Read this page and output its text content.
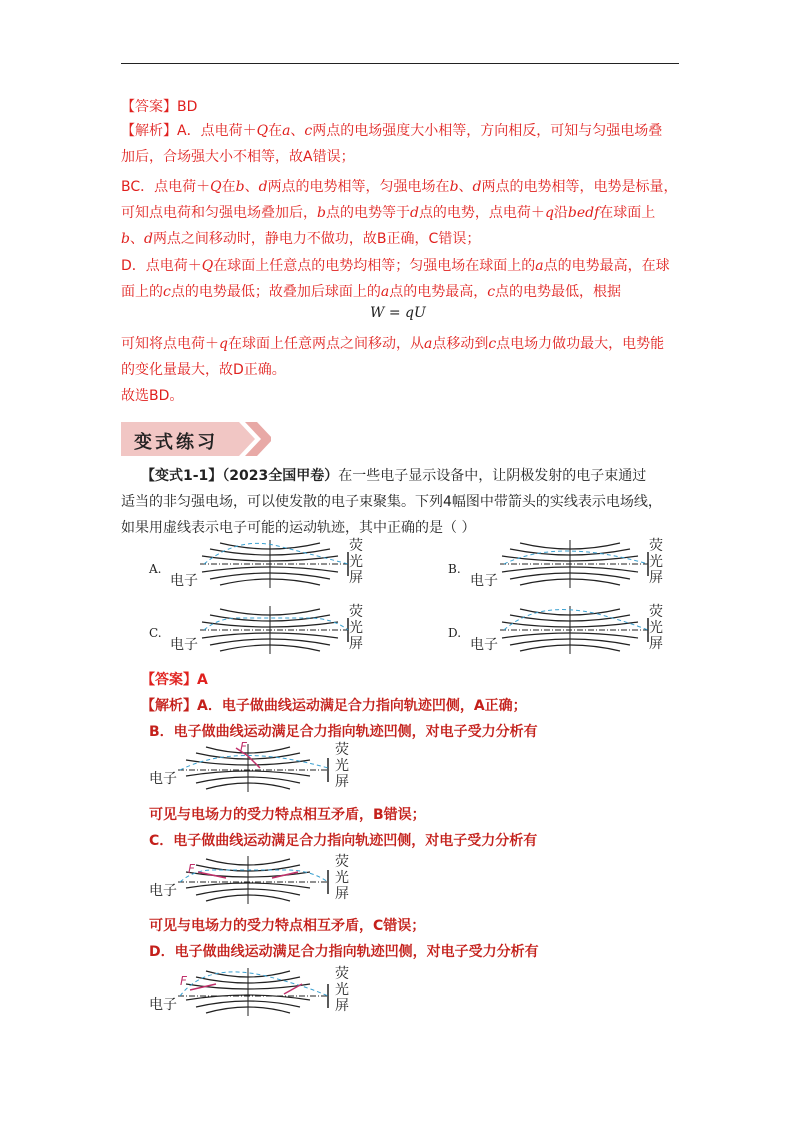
【答案】BD
【解析】A．点电荷＋Q在a、c两点的电场强度大小相等，方向相反，可知与匀强电场叠
加后，合场强大小不相等，故A错误；
BC．点电荷＋Q在b、d两点的电势相等，匀强电场在b、d两点的电势相等，电势是标量，
可知点电荷和匀强电场叠加后，b点的电势等于d点的电势，点电荷＋q沿bedf在球面上
b、d两点之间移动时，静电力不做功，故B正确，C错误；
D．点电荷＋Q在球面上任意点的电势均相等；匀强电场在球面上的a点的电势最高，在球
面上的c点的电势最低；故叠加后球面上的a点的电势最高，c点的电势最低，根据
W = qU
可知将点电荷＋q在球面上任意两点之间移动，从a点移动到c点电场力做功最大，电势能
的变化量最大，故D正确。
故选BD。
变式练习
【变式1-1】（2023全国甲卷）在一些电子显示设备中，让阴极发射的电子束通过
适当的非匀强电场，可以使发散的电子束聚集。下列4幅图中带箭头的实线表示电场线，
如果用虚线表示电子可能的运动轨迹，其中正确的是（ ）
A.
电子
荧
光
屏
B.
电子
荧
光
屏
C.
电子
荧
光
屏
D.
电子
荧
光
屏
【答案】A
【解析】A．电子做曲线运动满足合力指向轨迹凹侧，A正确；
B．电子做曲线运动满足合力指向轨迹凹侧，对电子受力分析有
电子
F	荧
光
屏
可见与电场力的受力特点相互矛盾，B错误；
C．电子做曲线运动满足合力指向轨迹凹侧，对电子受力分析有
电子
F	荧
光
屏
可见与电场力的受力特点相互矛盾，C错误；
D．电子做曲线运动满足合力指向轨迹凹侧，对电子受力分析有
电子
F	荧
光
屏
